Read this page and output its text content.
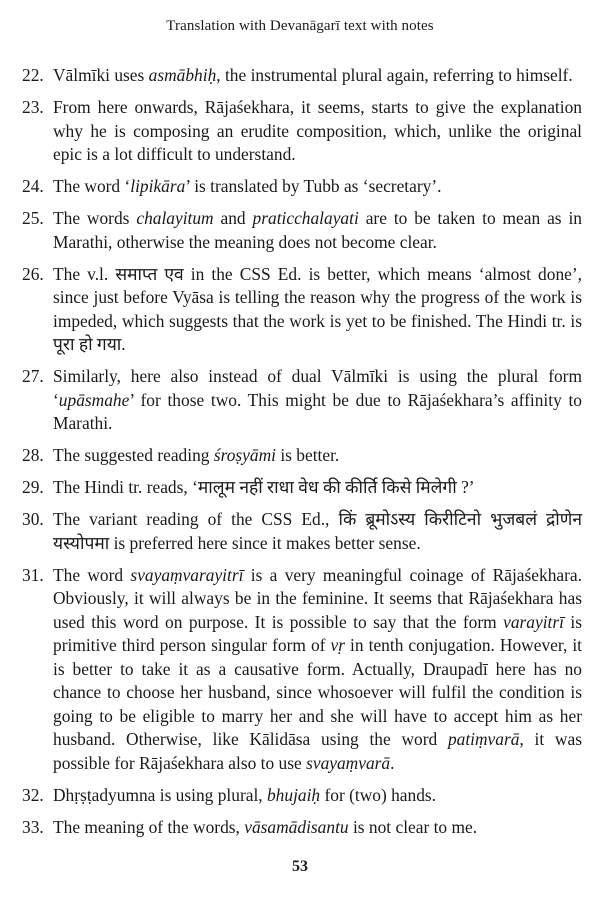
Translation with Devanāgarī text with notes
22. Vālmīki uses asmābhiḥ, the instrumental plural again, referring to himself.
23. From here onwards, Rājaśekhara, it seems, starts to give the explanation why he is composing an erudite composition, which, unlike the original epic is a lot difficult to understand.
24. The word ‘lipikāra’ is translated by Tubb as ‘secretary’.
25. The words chalayitum and praticchalayati are to be taken to mean as in Marathi, otherwise the meaning does not become clear.
26. The v.l. समाप्त एव in the CSS Ed. is better, which means ‘almost done’, since just before Vyāsa is telling the reason why the progress of the work is impeded, which suggests that the work is yet to be finished. The Hindi tr. is पूरा हो गया.
27. Similarly, here also instead of dual Vālmīki is using the plural form ‘upāsmahe’ for those two. This might be due to Rājaśekhara’s affinity to Marathi.
28. The suggested reading śroṣyāmi is better.
29. The Hindi tr. reads, ‘मालूम नहीं राधा वेध की कीर्ति किसे मिलेगी ?’
30. The variant reading of the CSS Ed., किं ब्रूमोऽस्य किरीटिनो भुजबलं द्रोणेन यस्योपमा is preferred here since it makes better sense.
31. The word svayaṃvarayitrī is a very meaningful coinage of Rājaśekhara. Obviously, it will always be in the feminine. It seems that Rājaśekhara has used this word on purpose. It is possible to say that the form varayitrī is primitive third person singular form of vṛ in tenth conjugation. However, it is better to take it as a causative form. Actually, Draupadī here has no chance to choose her husband, since whosoever will fulfil the condition is going to be eligible to marry her and she will have to accept him as her husband. Otherwise, like Kālidāsa using the word patiṃvarā, it was possible for Rājaśekhara also to use svayaṃvarā.
32. Dhṛṣṭadyumna is using plural, bhujaiḥ for (two) hands.
33. The meaning of the words, vāsamādisantu is not clear to me.
53
